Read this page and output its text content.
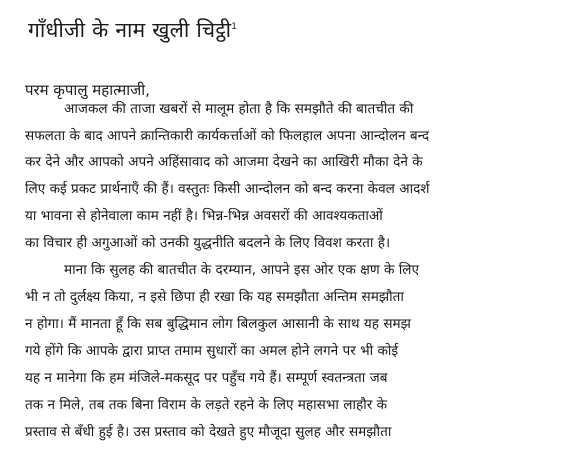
गाँधीजी के नाम खुली चिट्ठी$^1$
परम कृपालु महात्माजी,
आजकल की ताजा खबरों से मालूम होता है कि समझौते की बातचीत की
सफलता के बाद आपने क्रान्तिकारी कार्यकर्त्ताओं को फिलहाल अपना आन्दोलन बन्द
कर देने और आपको अपने अहिंसावाद को आजमा देखने का आखिरी मौका देने के
लिए कई प्रकट प्रार्थनाएँ की हैं। वस्तुतः किसी आन्दोलन को बन्द करना केवल आदर्श
या भावना से होनेवाला काम नहीं है। भिन्न-भिन्न अवसरों की आवश्यकताओं
का विचार ही अगुआओं को उनकी युद्धनीति बदलने के लिए विवश करता है।
माना कि सुलह की बातचीत के दरम्यान, आपने इस ओर एक क्षण के लिए
भी न तो दुर्लक्ष्य किया, न इसे छिपा ही रखा कि यह समझौता अन्तिम समझौता
न होगा। मैं मानता हूँ कि सब बुद्धिमान लोग बिलकुल आसानी के साथ यह समझ
गये होंगे कि आपके द्वारा प्राप्त तमाम सुधारों का अमल होने लगने पर भी कोई
यह न मानेगा कि हम मंजिले-मकसूद पर पहुँच गये हैं। सम्पूर्ण स्वतन्त्रता जब
तक न मिले, तब तक बिना विराम के लड़ते रहने के लिए महासभा लाहौर के
प्रस्ताव से बँधी हुई है। उस प्रस्ताव को देखते हुए मौजूदा सुलह और समझौता
